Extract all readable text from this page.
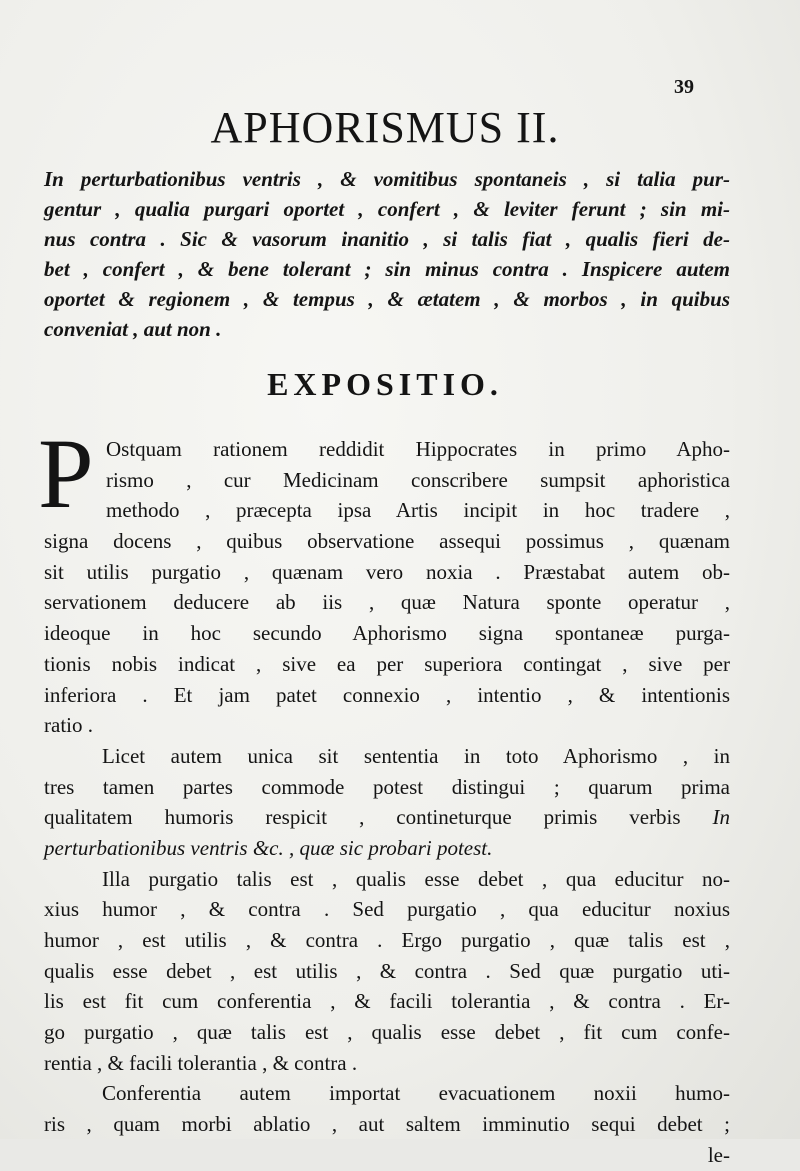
39
APHORISMUS II.
In perturbationibus ventris , & vomitibus spontaneis , si talia pur-
gentur , qualia purgari oportet , confert , & leviter ferunt ; sin mi-
nus contra . Sic & vasorum inanitio , si talis fiat , qualis fieri de-
bet , confert , & bene tolerant ; sin minus contra . Inspicere autem
oportet & regionem , & tempus , & ætatem , & morbos , in quibus
conveniat , aut non .
EXPOSITIO.
P Ostquam rationem reddidit Hippocrates in primo Apho-
rismo , cur Medicinam conscribere sumpsit aphoristica
methodo , præcepta ipsa Artis incipit in hoc tradere ,
signa docens , quibus observatione assequi possimus , quænam
sit utilis purgatio , quænam vero noxia . Præstabat autem ob-
servationem deducere ab iis , quæ Natura sponte operatur ,
ideoque in hoc secundo Aphorismo signa spontaneæ purga-
tionis nobis indicat , sive ea per superiora contingat , sive per
inferiora . Et jam patet connexio , intentio , & intentionis
ratio .
Licet autem unica sit sententia in toto Aphorismo , in
tres tamen partes commode potest distingui ; quarum prima
qualitatem humoris respicit , contineturque primis verbis In
perturbationibus ventris &c. , quæ sic probari potest.
Illa purgatio talis est , qualis esse debet , qua educitur no-
xius humor , & contra . Sed purgatio , qua educitur noxius
humor , est utilis , & contra . Ergo purgatio , quæ talis est ,
qualis esse debet , est utilis , & contra . Sed quæ purgatio uti-
lis est fit cum conferentia , & facili tolerantia , & contra . Er-
go purgatio , quæ talis est , qualis esse debet , fit cum confe-
rentia , & facili tolerantia , & contra .
Conferentia autem importat evacuationem noxii humo-
ris , quam morbi ablatio , aut saltem imminutio sequi debet ;
le-
